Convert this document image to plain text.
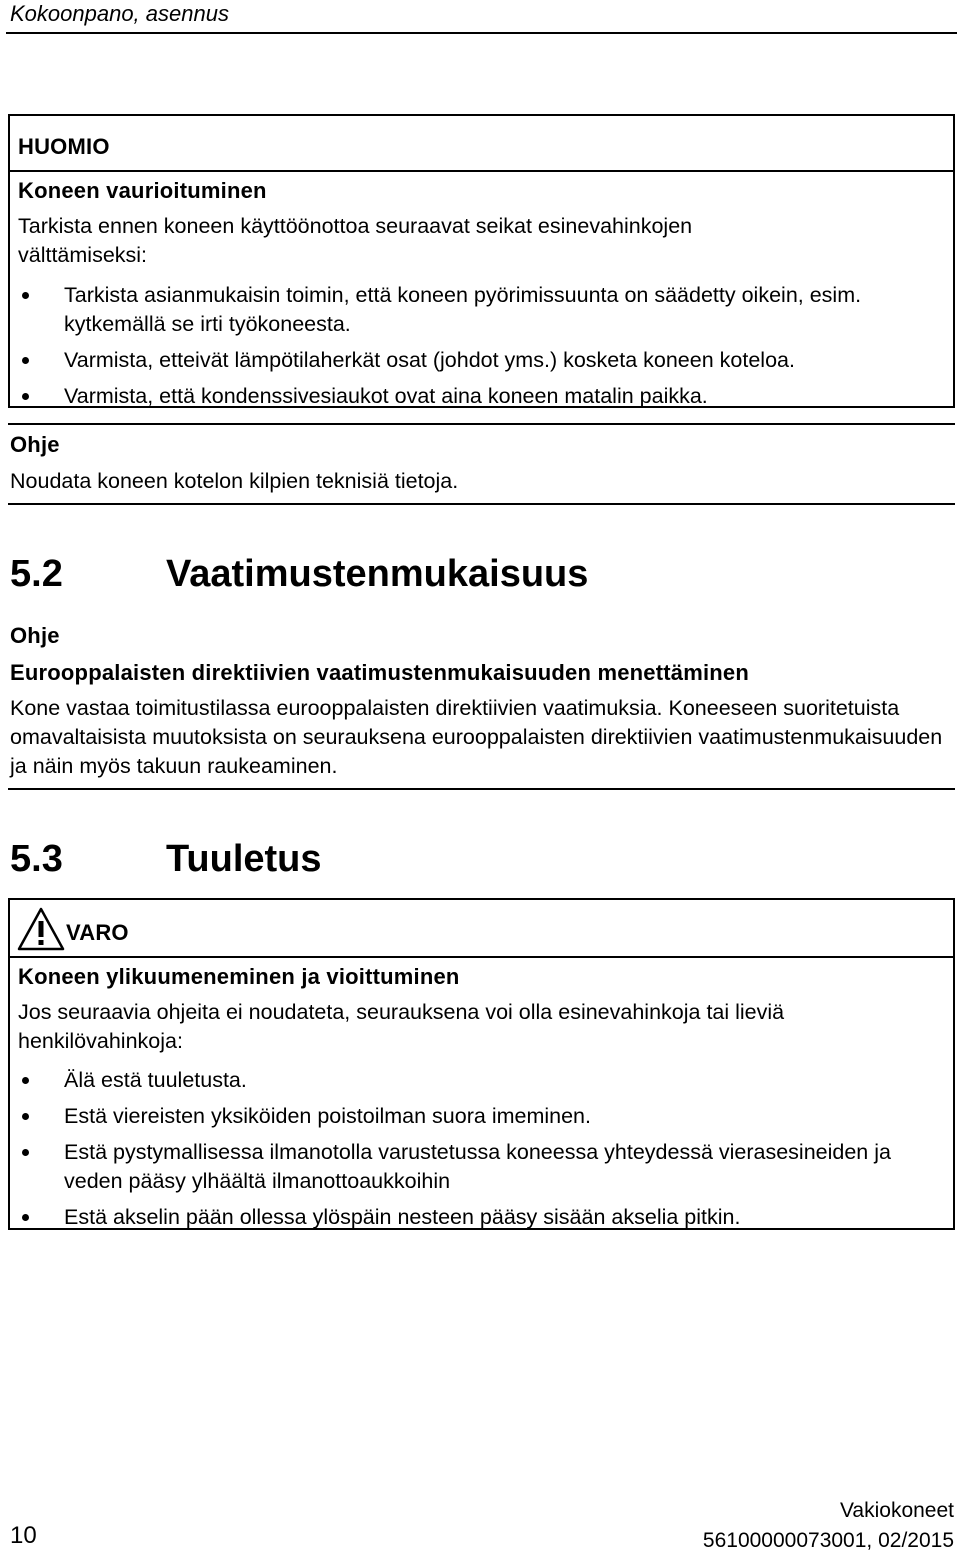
Kokoonpano, asennus
HUOMIO
Koneen vaurioituminen
Tarkista ennen koneen käyttöönottoa seuraavat seikat esinevahinkojen välttämiseksi:
Tarkista asianmukaisin toimin, että koneen pyörimissuunta on säädetty oikein, esim. kytkemällä se irti työkoneesta.
Varmista, etteivät lämpötilaherkät osat (johdot yms.) kosketa koneen koteloa.
Varmista, että kondenssivesiaukot ovat aina koneen matalin paikka.
Ohje
Noudata koneen kotelon kilpien teknisiä tietoja.
5.2	Vaatimustenmukaisuus
Ohje
Eurooppalaisten direktiivien vaatimustenmukaisuuden menettäminen
Kone vastaa toimitustilassa eurooppalaisten direktiivien vaatimuksia. Koneeseen suoritetuista omavaltaisista muutoksista on seurauksena eurooppalaisten direktiivien vaatimustenmukaisuuden ja näin myös takuun raukeaminen.
5.3	Tuuletus
VARO
Koneen ylikuumeneminen ja vioittuminen
Jos seuraavia ohjeita ei noudateta, seurauksena voi olla esinevahinkoja tai lieviä henkilövahinkoja:
Älä estä tuuletusta.
Estä viereisten yksiköiden poistoilman suora imeminen.
Estä pystymallisessa ilmanotolla varustetussa koneessa yhteydessä vierasesineiden ja veden pääsy ylhäältä ilmanottoaukkoihin
Estä akselin pään ollessa ylöspäin nesteen pääsy sisään akselia pitkin.
10
Vakiokoneet
56100000073001, 02/2015
